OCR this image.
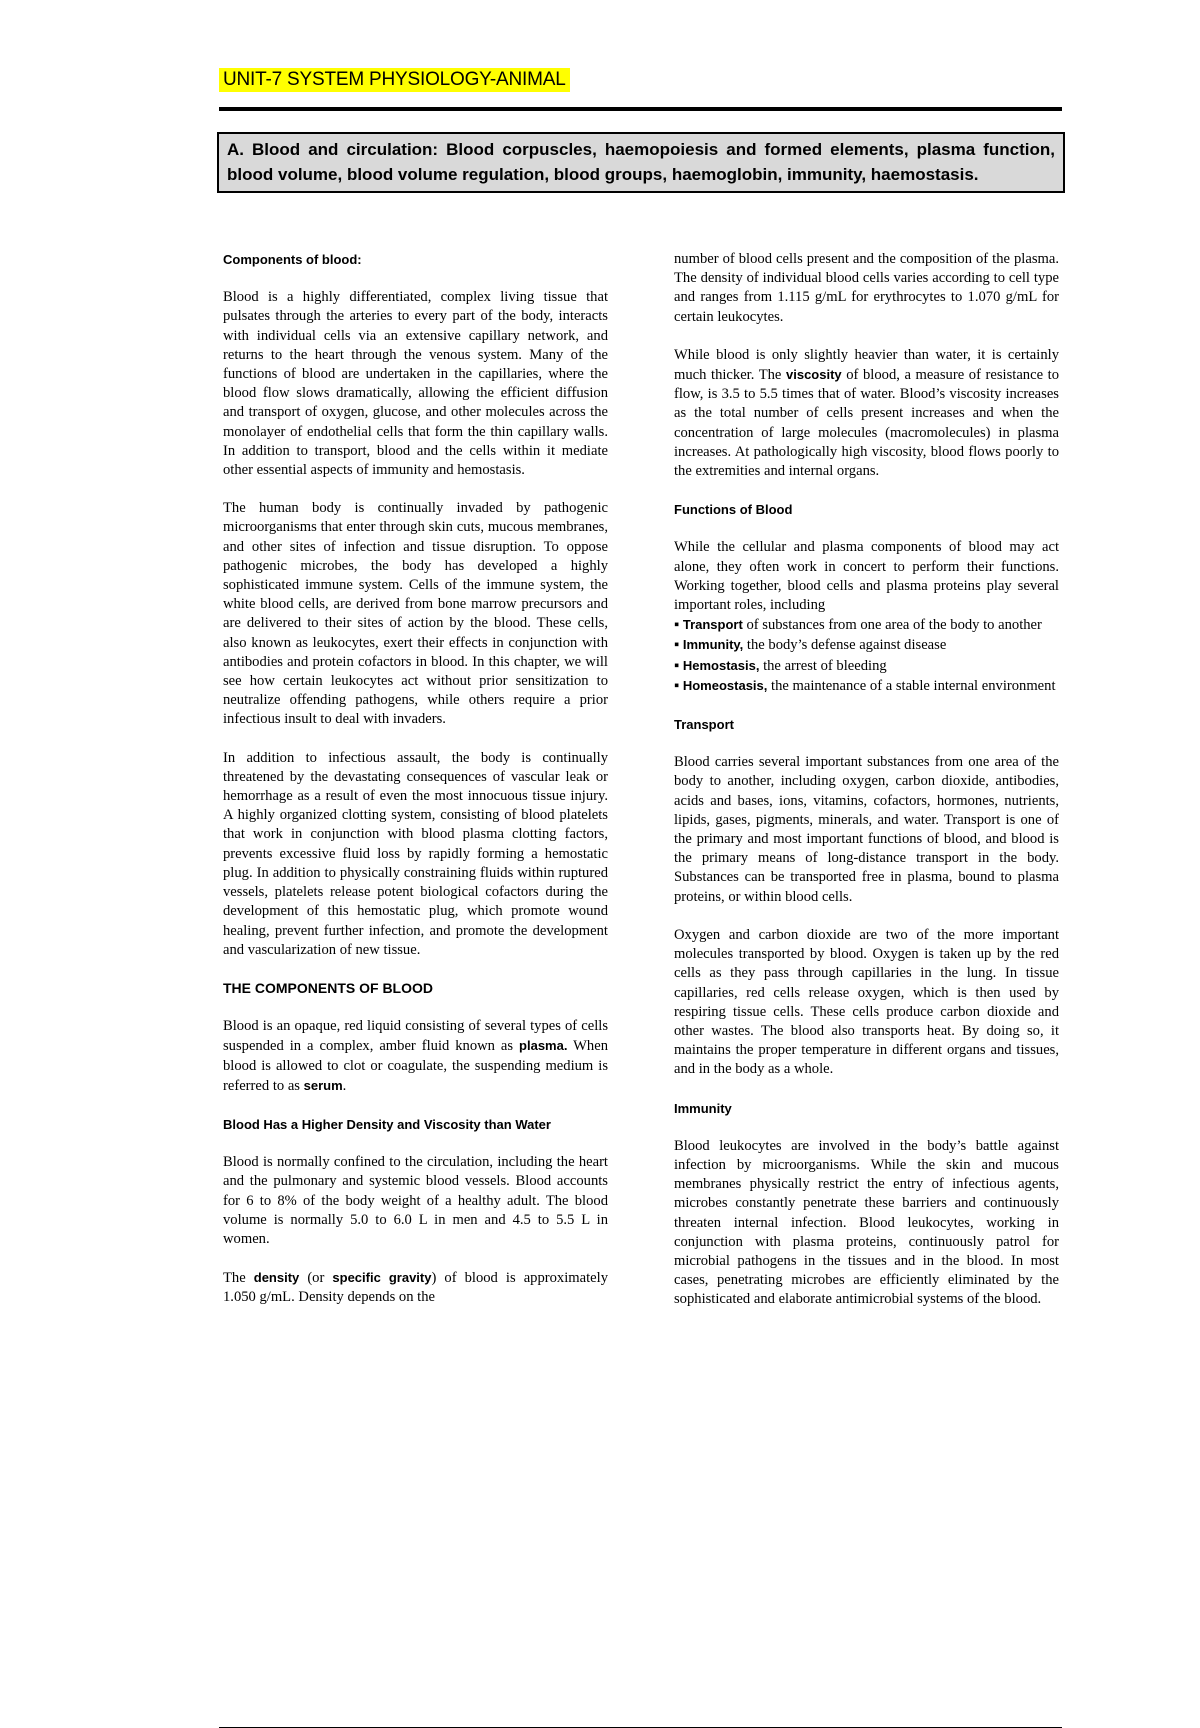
UNIT-7 SYSTEM PHYSIOLOGY-ANIMAL
A. Blood and circulation: Blood corpuscles, haemopoiesis and formed elements, plasma function, blood volume, blood volume regulation, blood groups, haemoglobin, immunity, haemostasis.
Components of blood:

Blood is a highly differentiated, complex living tissue that pulsates through the arteries to every part of the body, interacts with individual cells via an extensive capillary network, and returns to the heart through the venous system. Many of the functions of blood are undertaken in the capillaries, where the blood flow slows dramatically, allowing the efficient diffusion and transport of oxygen, glucose, and other molecules across the monolayer of endothelial cells that form the thin capillary walls. In addition to transport, blood and the cells within it mediate other essential aspects of immunity and hemostasis.

The human body is continually invaded by pathogenic microorganisms that enter through skin cuts, mucous membranes, and other sites of infection and tissue disruption. To oppose pathogenic microbes, the body has developed a highly sophisticated immune system. Cells of the immune system, the white blood cells, are derived from bone marrow precursors and are delivered to their sites of action by the blood. These cells, also known as leukocytes, exert their effects in conjunction with antibodies and protein cofactors in blood. In this chapter, we will see how certain leukocytes act without prior sensitization to neutralize offending pathogens, while others require a prior infectious insult to deal with invaders.

In addition to infectious assault, the body is continually threatened by the devastating consequences of vascular leak or hemorrhage as a result of even the most innocuous tissue injury. A highly organized clotting system, consisting of blood platelets that work in conjunction with blood plasma clotting factors, prevents excessive fluid loss by rapidly forming a hemostatic plug. In addition to physically constraining fluids within ruptured vessels, platelets release potent biological cofactors during the development of this hemostatic plug, which promote wound healing, prevent further infection, and promote the development and vascularization of new tissue.

THE COMPONENTS OF BLOOD

Blood is an opaque, red liquid consisting of several types of cells suspended in a complex, amber fluid known as plasma. When blood is allowed to clot or coagulate, the suspending medium is referred to as serum.

Blood Has a Higher Density and Viscosity than Water

Blood is normally confined to the circulation, including the heart and the pulmonary and systemic blood vessels. Blood accounts for 6 to 8% of the body weight of a healthy adult. The blood volume is normally 5.0 to 6.0 L in men and 4.5 to 5.5 L in women.

The density (or specific gravity) of blood is approximately 1.050 g/mL. Density depends on the

number of blood cells present and the composition of the plasma. The density of individual blood cells varies according to cell type and ranges from 1.115 g/mL for erythrocytes to 1.070 g/mL for certain leukocytes.

While blood is only slightly heavier than water, it is certainly much thicker. The viscosity of blood, a measure of resistance to flow, is 3.5 to 5.5 times that of water. Blood’s viscosity increases as the total number of cells present increases and when the concentration of large molecules (macromolecules) in plasma increases. At pathologically high viscosity, blood flows poorly to the extremities and internal organs.

Functions of Blood

While the cellular and plasma components of blood may act alone, they often work in concert to perform their functions. Working together, blood cells and plasma proteins play several important roles, including

▪ Transport of substances from one area of the body to another
▪ Immunity, the body’s defense against disease
▪ Hemostasis, the arrest of bleeding
▪ Homeostasis, the maintenance of a stable internal environment
Transport

Blood carries several important substances from one area of the body to another, including oxygen, carbon dioxide, antibodies, acids and bases, ions, vitamins, cofactors, hormones, nutrients, lipids, gases, pigments, minerals, and water. Transport is one of the primary and most important functions of blood, and blood is the primary means of long-distance transport in the body. Substances can be transported free in plasma, bound to plasma proteins, or within blood cells.

Oxygen and carbon dioxide are two of the more important molecules transported by blood. Oxygen is taken up by the red cells as they pass through capillaries in the lung. In tissue capillaries, red cells release oxygen, which is then used by respiring tissue cells. These cells produce carbon dioxide and other wastes. The blood also transports heat. By doing so, it maintains the proper temperature in different organs and tissues, and in the body as a whole.

Immunity

Blood leukocytes are involved in the body’s battle against infection by microorganisms. While the skin and mucous membranes physically restrict the entry of infectious agents, microbes constantly penetrate these barriers and continuously threaten internal infection. Blood leukocytes, working in conjunction with plasma proteins, continuously patrol for microbial pathogens in the tissues and in the blood. In most cases, penetrating microbes are efficiently eliminated by the sophisticated and elaborate antimicrobial systems of the blood.
